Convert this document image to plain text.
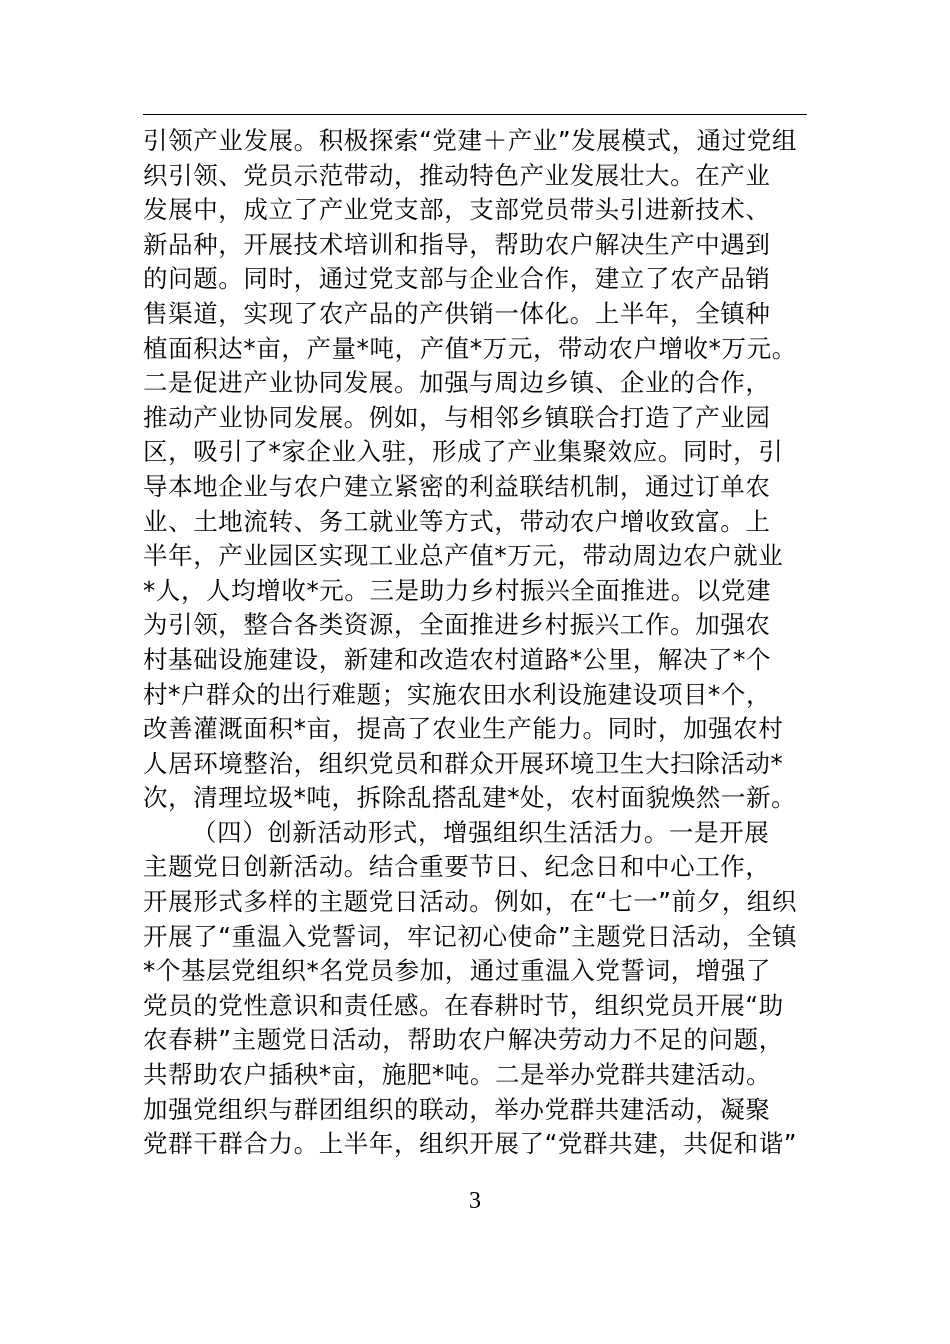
引领产业发展。积极探索“党建＋产业”发展模式，通过党组
织引领、党员示范带动，推动特色产业发展壮大。在产业
发展中，成立了产业党支部，支部党员带头引进新技术、
新品种，开展技术培训和指导，帮助农户解决生产中遇到
的问题。同时，通过党支部与企业合作，建立了农产品销
售渠道，实现了农产品的产供销一体化。上半年，全镇种
植面积达*亩，产量*吨，产值*万元，带动农户增收*万元。
二是促进产业协同发展。加强与周边乡镇、企业的合作，
推动产业协同发展。例如，与相邻乡镇联合打造了产业园
区，吸引了*家企业入驻，形成了产业集聚效应。同时，引
导本地企业与农户建立紧密的利益联结机制，通过订单农
业、土地流转、务工就业等方式，带动农户增收致富。上
半年，产业园区实现工业总产值*万元，带动周边农户就业
*人，人均增收*元。三是助力乡村振兴全面推进。以党建
为引领，整合各类资源，全面推进乡村振兴工作。加强农
村基础设施建设，新建和改造农村道路*公里，解决了*个
村*户群众的出行难题；实施农田水利设施建设项目*个，
改善灌溉面积*亩，提高了农业生产能力。同时，加强农村
人居环境整治，组织党员和群众开展环境卫生大扫除活动*
次，清理垃圾*吨，拆除乱搭乱建*处，农村面貌焕然一新。
（四）创新活动形式，增强组织生活活力。一是开展
主题党日创新活动。结合重要节日、纪念日和中心工作，
开展形式多样的主题党日活动。例如，在“七一”前夕，组织
开展了“重温入党誓词，牢记初心使命”主题党日活动，全镇
*个基层党组织*名党员参加，通过重温入党誓词，增强了
党员的党性意识和责任感。在春耕时节，组织党员开展“助
农春耕”主题党日活动，帮助农户解决劳动力不足的问题，
共帮助农户插秧*亩，施肥*吨。二是举办党群共建活动。
加强党组织与群团组织的联动，举办党群共建活动，凝聚
党群干群合力。上半年，组织开展了“党群共建，共促和谐”
3
